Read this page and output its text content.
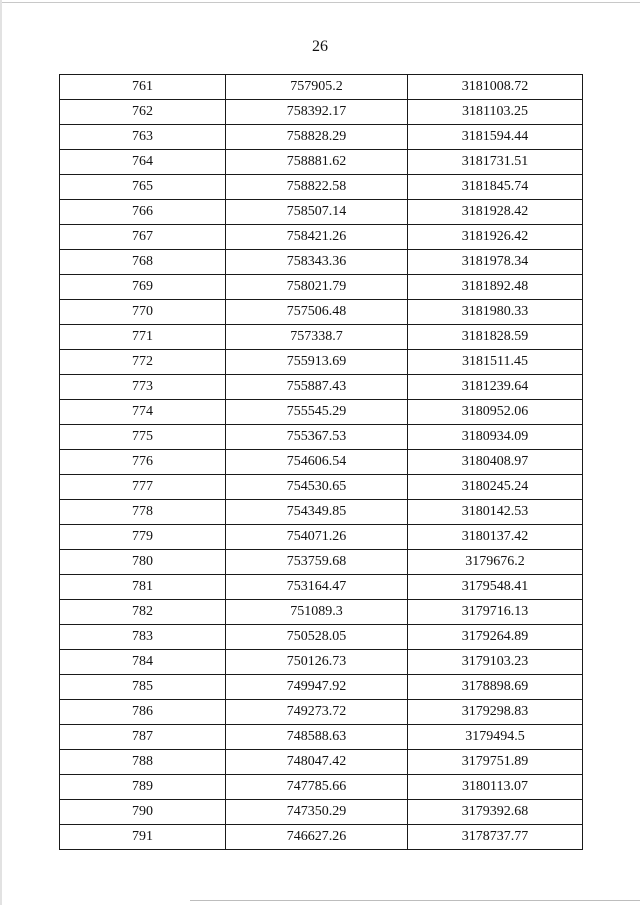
26
761	757905.2	3181008.72
762	758392.17	3181103.25
763	758828.29	3181594.44
764	758881.62	3181731.51
765	758822.58	3181845.74
766	758507.14	3181928.42
767	758421.26	3181926.42
768	758343.36	3181978.34
769	758021.79	3181892.48
770	757506.48	3181980.33
771	757338.7	3181828.59
772	755913.69	3181511.45
773	755887.43	3181239.64
774	755545.29	3180952.06
775	755367.53	3180934.09
776	754606.54	3180408.97
777	754530.65	3180245.24
778	754349.85	3180142.53
779	754071.26	3180137.42
780	753759.68	3179676.2
781	753164.47	3179548.41
782	751089.3	3179716.13
783	750528.05	3179264.89
784	750126.73	3179103.23
785	749947.92	3178898.69
786	749273.72	3179298.83
787	748588.63	3179494.5
788	748047.42	3179751.89
789	747785.66	3180113.07
790	747350.29	3179392.68
791	746627.26	3178737.77
